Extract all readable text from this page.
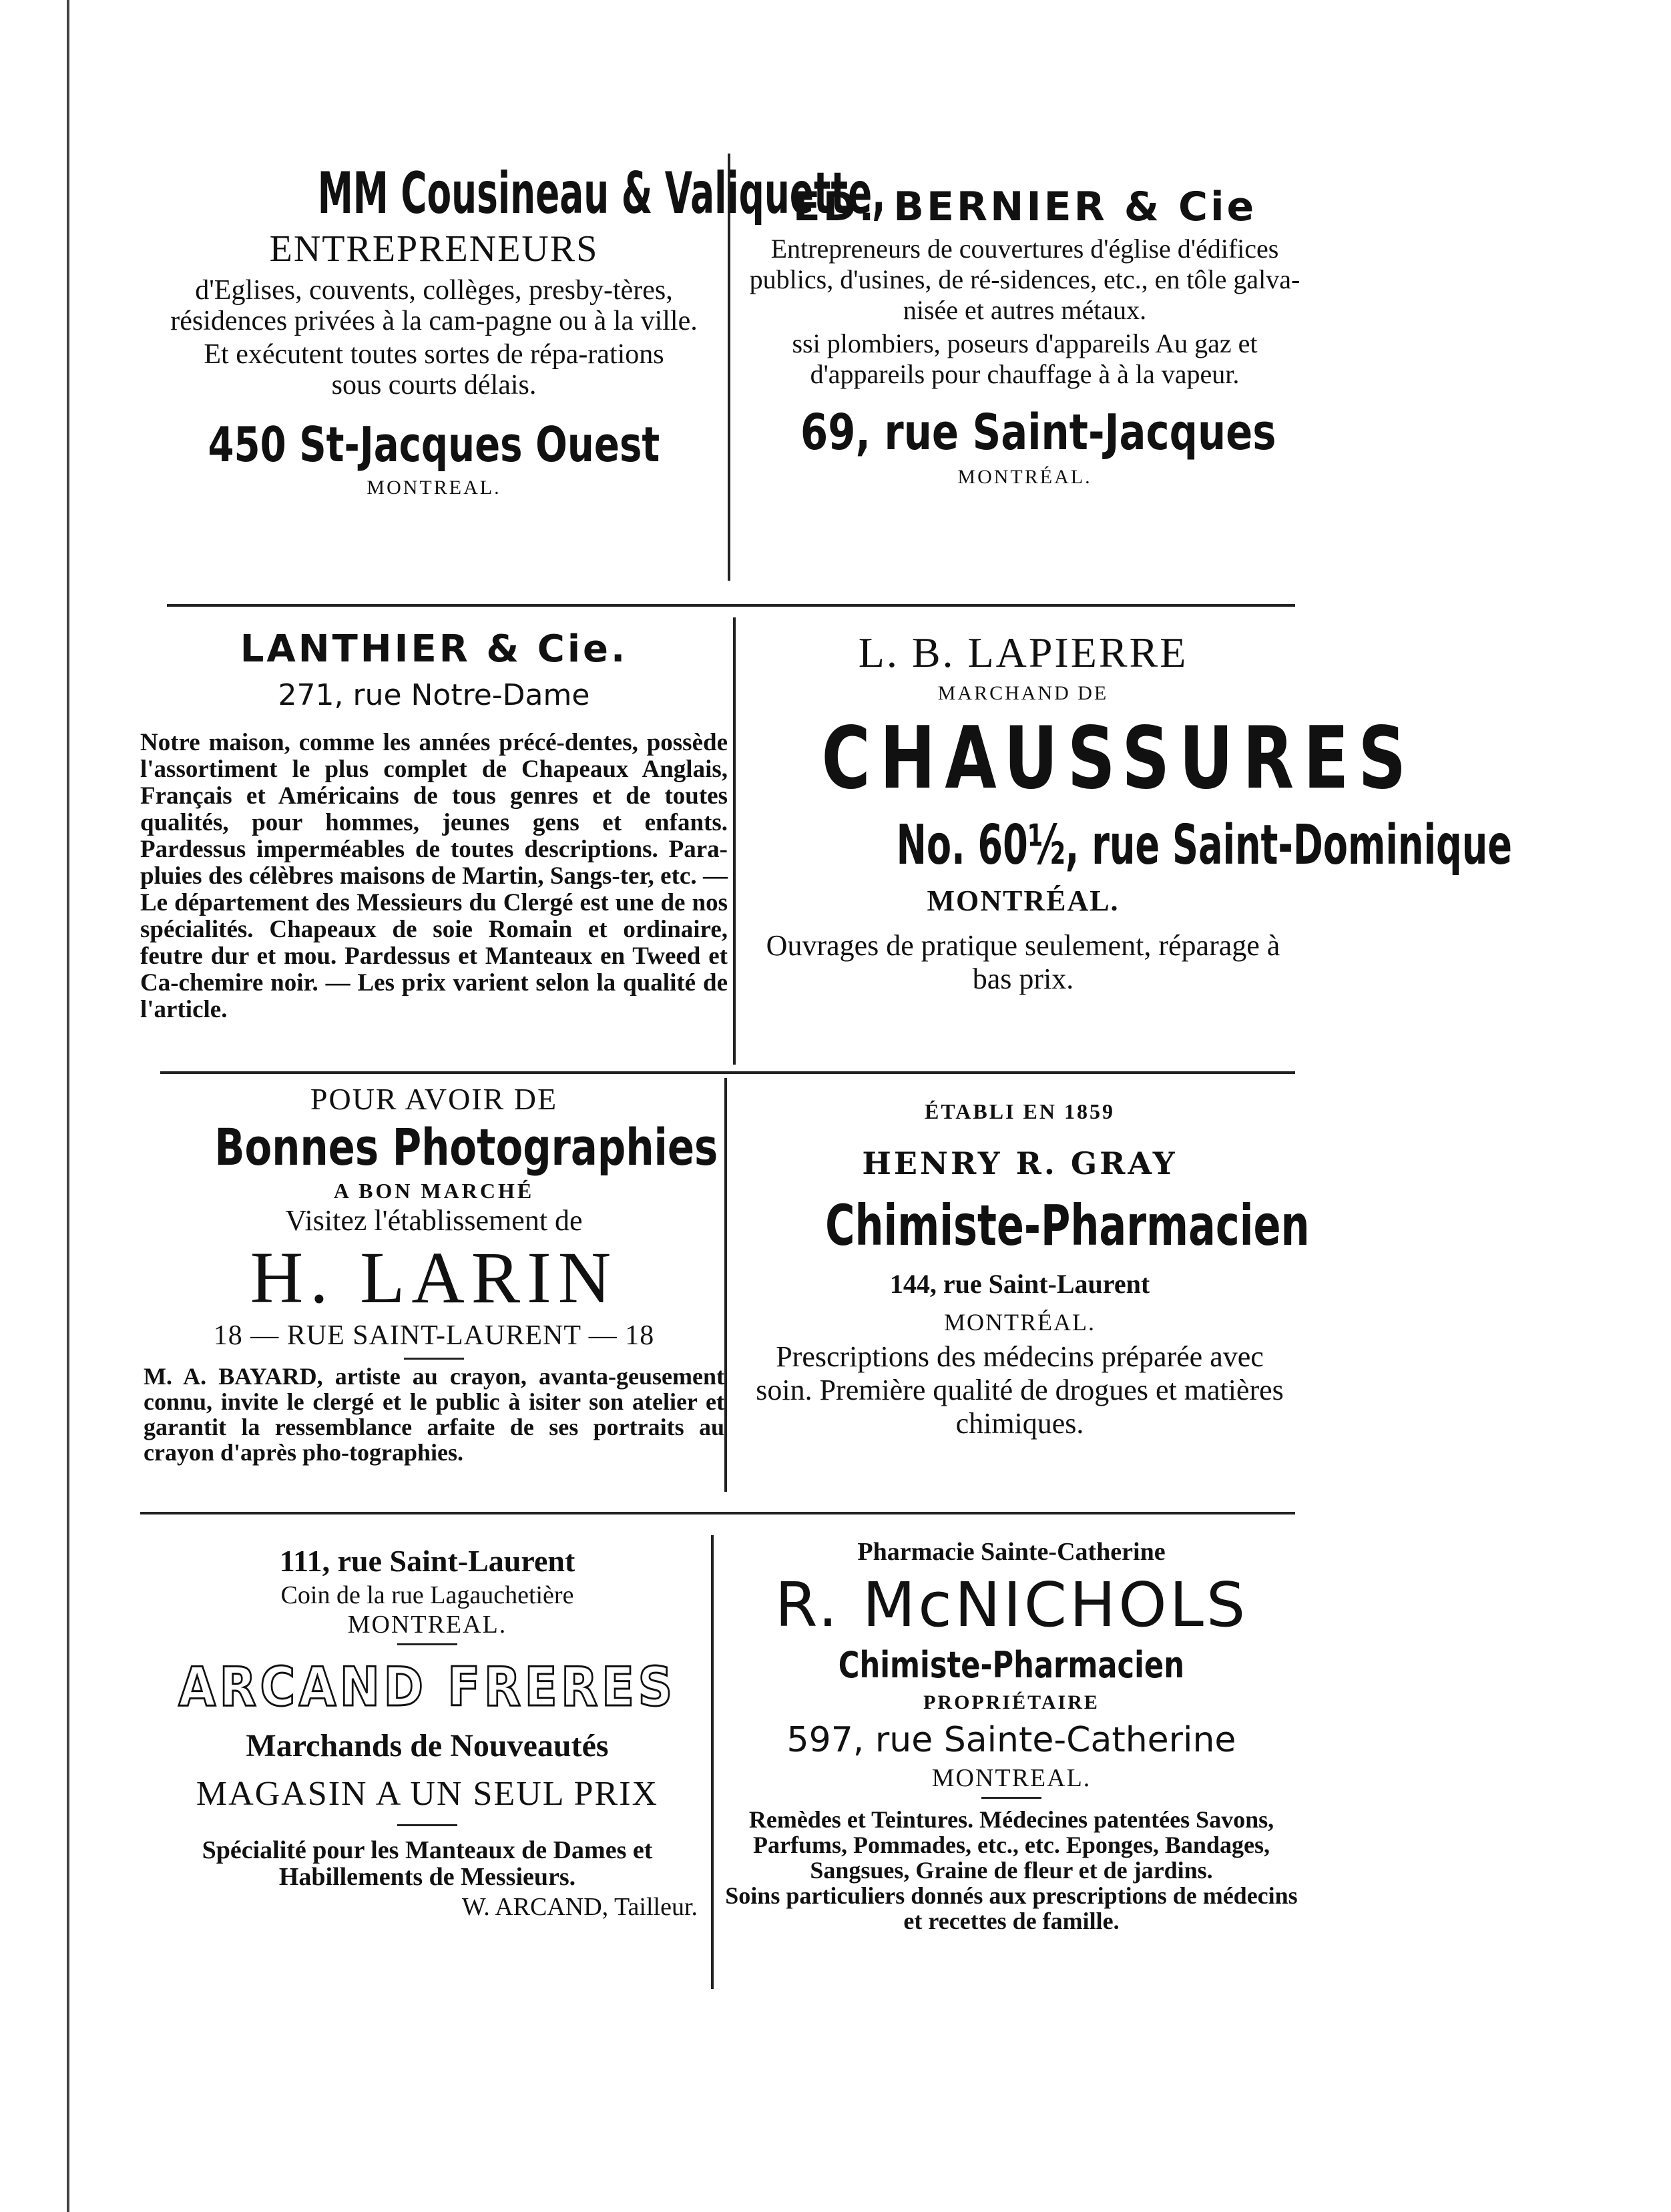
MM Cousineau & Valiquette,
ENTREPRENEURS
d'Eglises, couvents, collèges, presby-tères, résidences privées à la cam-pagne ou à la ville.
Et exécutent toutes sortes de répa-rations sous courts délais.
450 St-Jacques Ouest
MONTREAL.
ED. BERNIER & Cie
Entrepreneurs de couvertures d'église d'édifices publics, d'usines, de ré-sidences, etc., en tôle galva-nisée et autres métaux.
ssi plombiers, poseurs d'appareils Au gaz et d'appareils pour chauffage à à la vapeur.
69, rue Saint-Jacques
MONTRÉAL.
LANTHIER & Cie.
271, rue Notre-Dame
Notre maison, comme les années précé-dentes, possède l'assortiment le plus complet de Chapeaux Anglais, Français et Américains de tous genres et de toutes qualités, pour hommes, jeunes gens et enfants. Pardessus imperméables de toutes descriptions. Para-pluies des célèbres maisons de Martin, Sangs-ter, etc. — Le département des Messieurs du Clergé est une de nos spécialités. Chapeaux de soie Romain et ordinaire, feutre dur et mou. Pardessus et Manteaux en Tweed et Ca-chemire noir. — Les prix varient selon la qualité de l'article.
L. B. LAPIERRE
MARCHAND DE
CHAUSSURES
No. 60½, rue Saint-Dominique
MONTRÉAL.
Ouvrages de pratique seulement, réparage à bas prix.
POUR AVOIR DE
Bonnes Photographies
A BON MARCHÉ
Visitez l'établissement de
H. LARIN
18 — RUE SAINT-LAURENT — 18
M. A. BAYARD, artiste au crayon, avanta-geusement connu, invite le clergé et le public à isiter son atelier et garantit la ressemblance arfaite de ses portraits au crayon d'après pho-tographies.
ÉTABLI EN 1859
HENRY R. GRAY
Chimiste-Pharmacien
144, rue Saint-Laurent
MONTRÉAL.
Prescriptions des médecins préparée avec soin. Première qualité de drogues et matières chimiques.
111, rue Saint-Laurent
Coin de la rue Lagauchetière
MONTREAL.
ARCAND FRERES
Marchands de Nouveautés
MAGASIN A UN SEUL PRIX
Spécialité pour les Manteaux de Dames et Habillements de Messieurs.
W. ARCAND, Tailleur.
Pharmacie Sainte-Catherine
R. McNICHOLS
Chimiste-Pharmacien
PROPRIÉTAIRE
597, rue Sainte-Catherine
MONTREAL.
Remèdes et Teintures. Médecines patentées Savons, Parfums, Pommades, etc., etc. Eponges, Bandages, Sangsues, Graine de fleur et de jardins.
Soins particuliers donnés aux prescriptions de médecins et recettes de famille.
